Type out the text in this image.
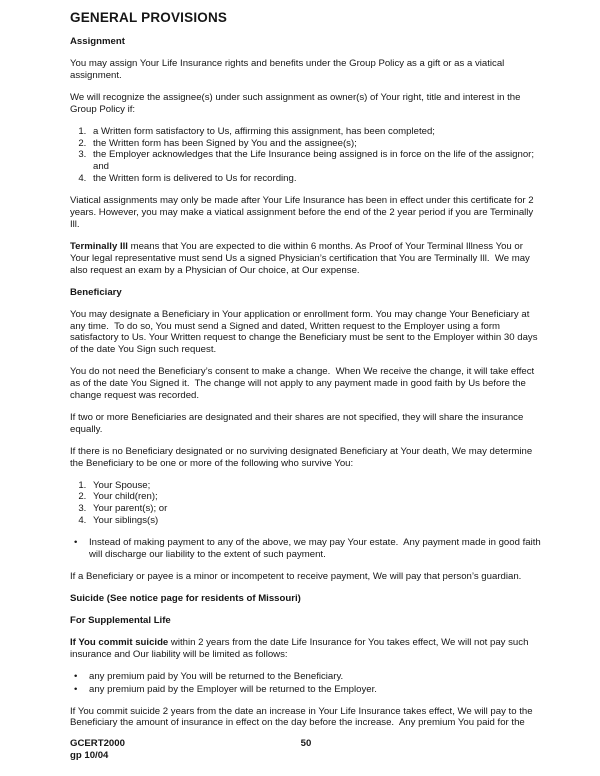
GENERAL PROVISIONS
Assignment

You may assign Your Life Insurance rights and benefits under the Group Policy as a gift or as a viatical assignment.

We will recognize the assignee(s) under such assignment as owner(s) of Your right, title and interest in the Group Policy if:

1. a Written form satisfactory to Us, affirming this assignment, has been completed;
2. the Written form has been Signed by You and the assignee(s);
3. the Employer acknowledges that the Life Insurance being assigned is in force on the life of the assignor; and
4. the Written form is delivered to Us for recording.

Viatical assignments may only be made after Your Life Insurance has been in effect under this certificate for 2 years. However, you may make a viatical assignment before the end of the 2 year period if you are Terminally Ill.

Terminally Ill means that You are expected to die within 6 months. As Proof of Your Terminal Illness You or Your legal representative must send Us a signed Physician’s certification that You are Terminally Ill.  We may also request an exam by a Physician of Our choice, at Our expense.

Beneficiary

You may designate a Beneficiary in Your application or enrollment form. You may change Your Beneficiary at any time.  To do so, You must send a Signed and dated, Written request to the Employer using a form satisfactory to Us. Your Written request to change the Beneficiary must be sent to the Employer within 30 days of the date You Sign such request.

You do not need the Beneficiary’s consent to make a change.  When We receive the change, it will take effect as of the date You Signed it.  The change will not apply to any payment made in good faith by Us before the change request was recorded.

If two or more Beneficiaries are designated and their shares are not specified, they will share the insurance equally.

If there is no Beneficiary designated or no surviving designated Beneficiary at Your death, We may determine the Beneficiary to be one or more of the following who survive You:

1. Your Spouse;
2. Your child(ren);
3. Your parent(s); or
4. Your siblings(s)
• Instead of making payment to any of the above, we may pay Your estate.  Any payment made in good faith will discharge our liability to the extent of such payment.

If a Beneficiary or payee is a minor or incompetent to receive payment, We will pay that person’s guardian.

Suicide (See notice page for residents of Missouri)
For Supplemental Life

If You commit suicide within 2 years from the date Life Insurance for You takes effect, We will not pay such insurance and Our liability will be limited as follows:

• any premium paid by You will be returned to the Beneficiary.
• any premium paid by the Employer will be returned to the Employer.

If You commit suicide 2 years from the date an increase in Your Life Insurance takes effect, We will pay to the Beneficiary the amount of insurance in effect on the day before the increase.  Any premium You paid for the

GCERT2000
gp 10/04
50
